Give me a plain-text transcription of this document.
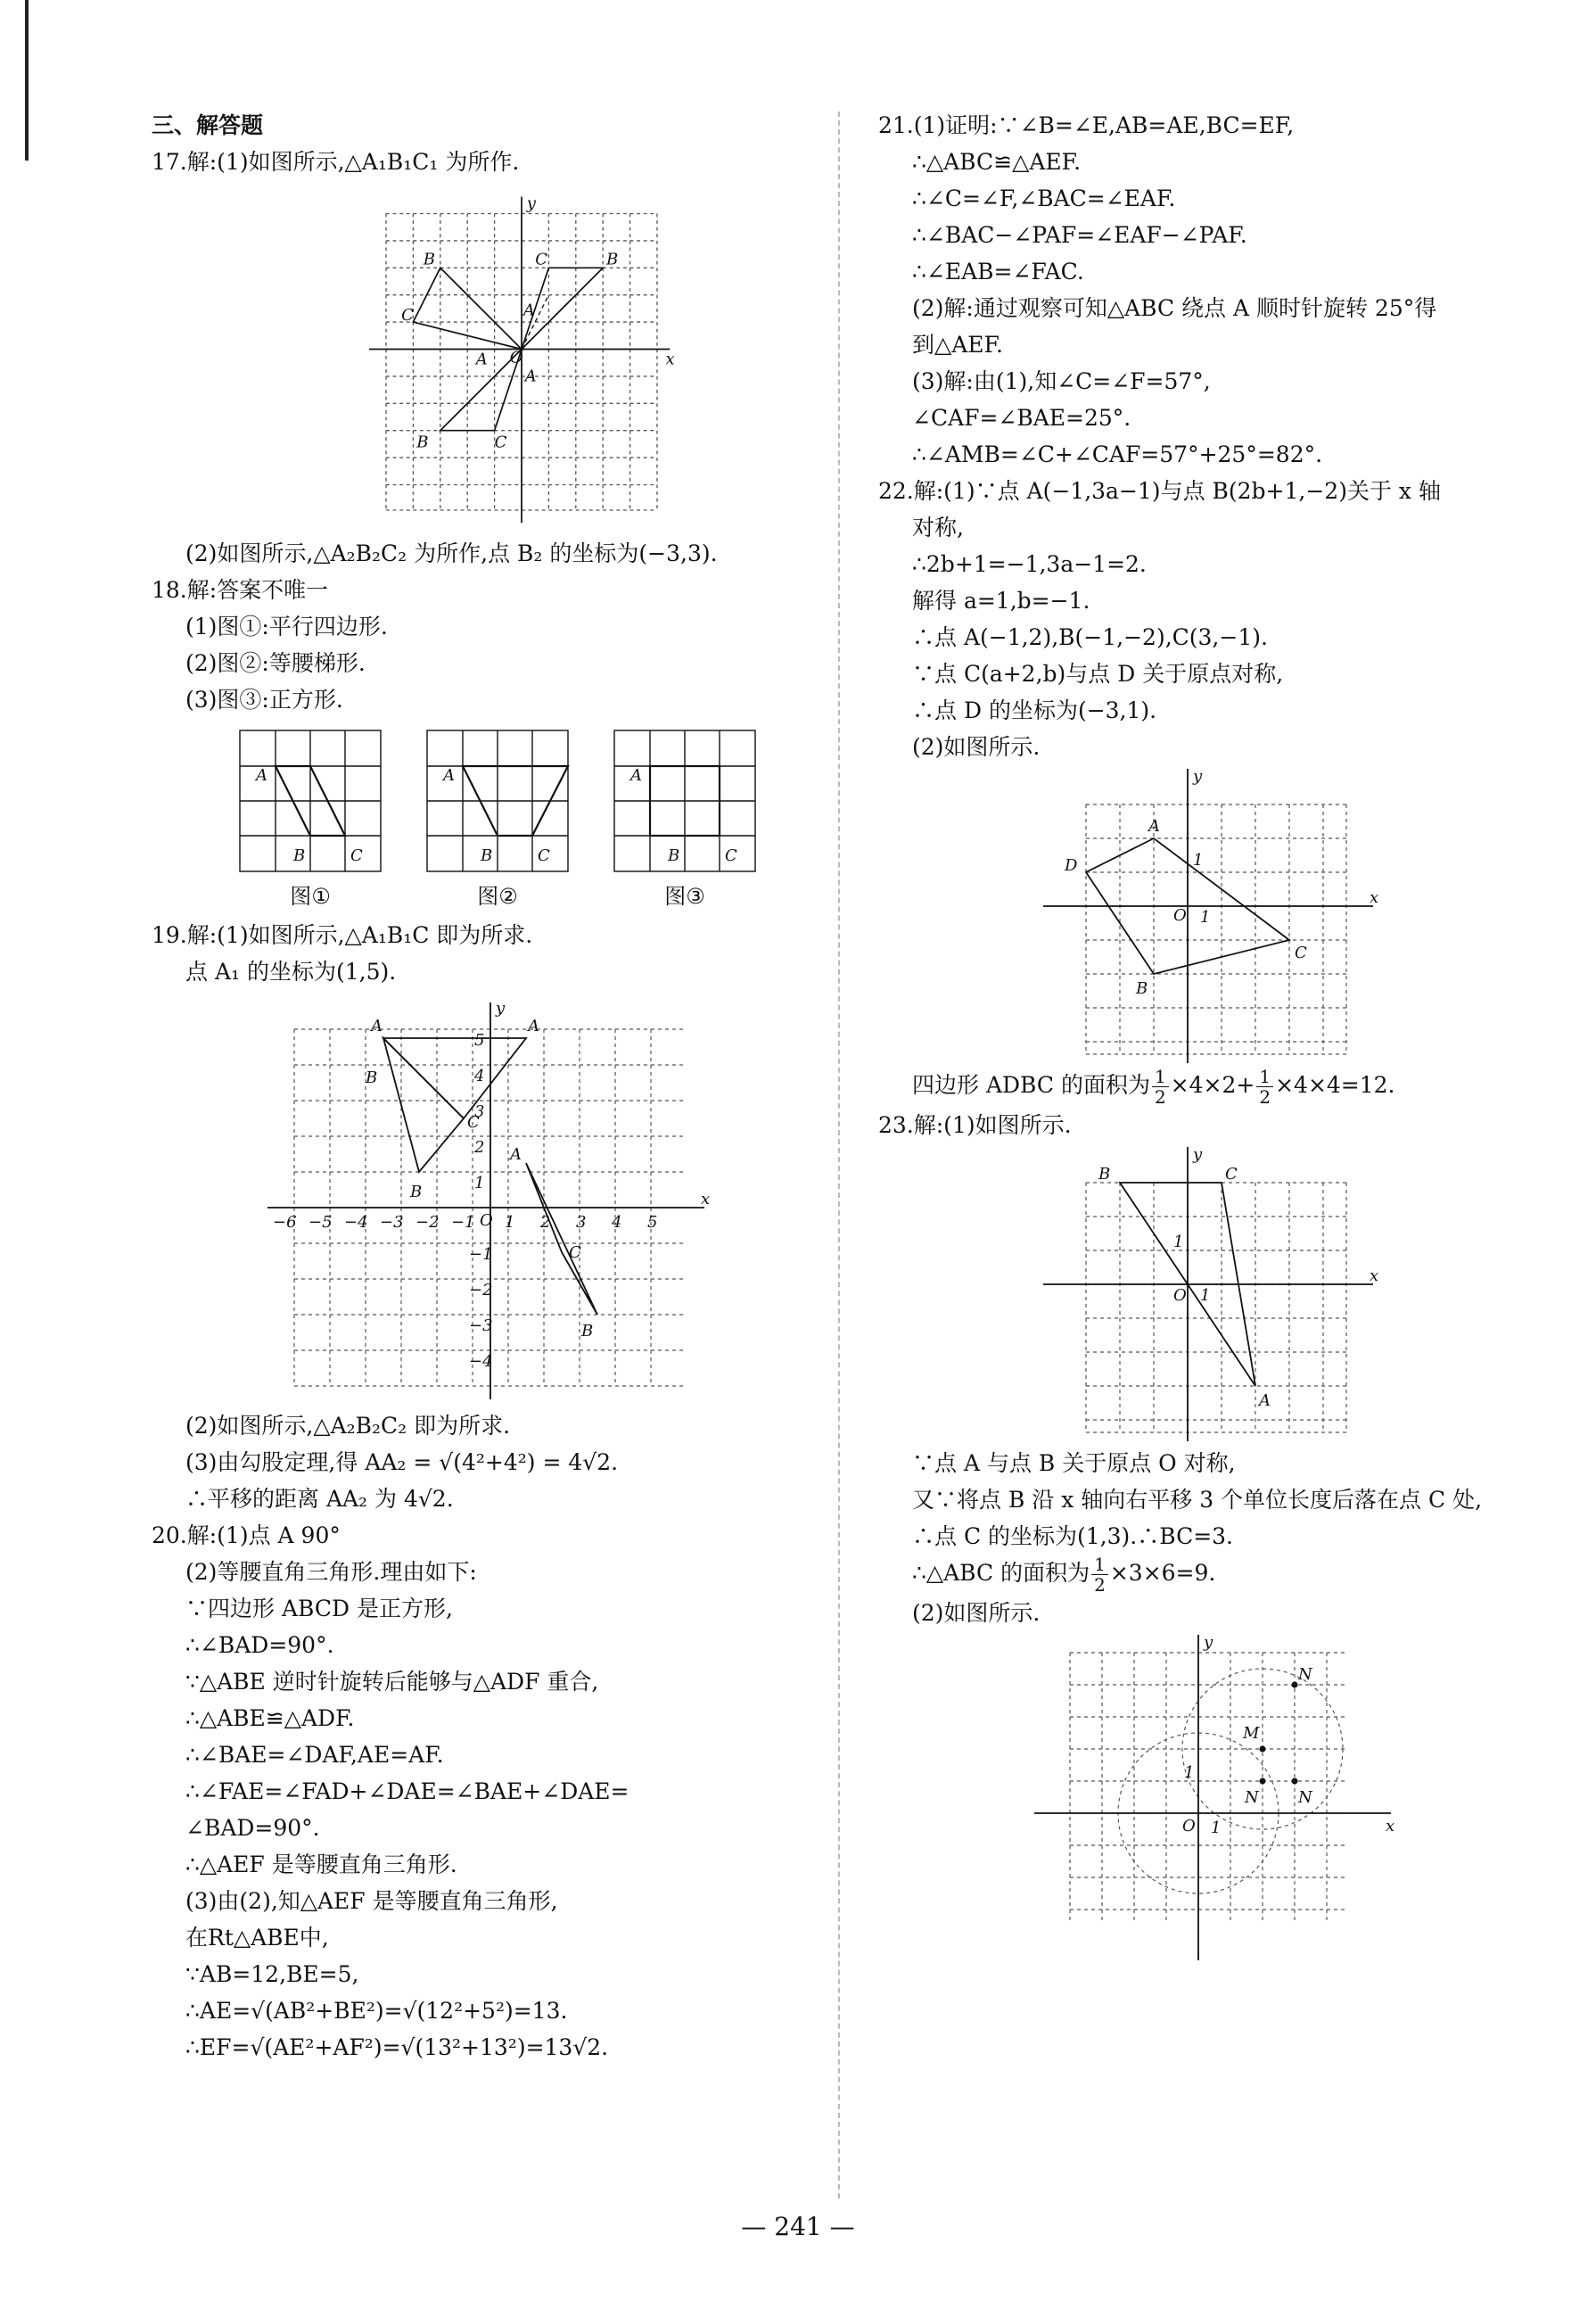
三、解答题
17.解:(1)如图所示,△A₁B₁C₁ 为所作.
y
x
O
B
C
A
B
C
A
A
B	C
(2)如图所示,△A₂B₂C₂ 为所作,点 B₂ 的坐标为(−3,3).
18.解:答案不唯一
(1)图①:平行四边形.
(2)图②:等腰梯形.
(3)图③:正方形.
A
B	C
图①
A
B	C
图②
A
B	C
图③
19.解:(1)如图所示,△A₁B₁C 即为所求.
点 A₁ 的坐标为(1,5).
y
x
O
A	A
B
C
B
A
C
B
−6 −5 −4 −3 −2 −1 1 2 3 4 5
5
4
3
2
1
−1
−2
−3
−4
(2)如图所示,△A₂B₂C₂ 即为所求.
(3)由勾股定理,得 AA₂ = √(4²+4²) = 4√2.
∴平移的距离 AA₂ 为 4√2.
20.解:(1)点 A 90°
(2)等腰直角三角形.理由如下:
∵四边形 ABCD 是正方形,
∴∠BAD=90°.
∵△ABE 逆时针旋转后能够与△ADF 重合,
∴△ABE≌△ADF.
∴∠BAE=∠DAF,AE=AF.
∴∠FAE=∠FAD+∠DAE=∠BAE+∠DAE=
∠BAD=90°.
∴△AEF 是等腰直角三角形.
(3)由(2),知△AEF 是等腰直角三角形,
在Rt△ABE中,
∵AB=12,BE=5,
∴AE=√(AB²+BE²)=√(12²+5²)=13.
∴EF=√(AE²+AF²)=√(13²+13²)=13√2.
21.(1)证明:∵∠B=∠E,AB=AE,BC=EF,
∴△ABC≌△AEF.
∴∠C=∠F,∠BAC=∠EAF.
∴∠BAC−∠PAF=∠EAF−∠PAF.
∴∠EAB=∠FAC.
(2)解:通过观察可知△ABC 绕点 A 顺时针旋转 25°得
到△AEF.
(3)解:由(1),知∠C=∠F=57°,
∠CAF=∠BAE=25°.
∴∠AMB=∠C+∠CAF=57°+25°=82°.
22.解:(1)∵点 A(−1,3a−1)与点 B(2b+1,−2)关于 x 轴
对称,
∴2b+1=−1,3a−1=2.
解得 a=1,b=−1.
∴点 A(−1,2),B(−1,−2),C(3,−1).
∵点 C(a+2,b)与点 D 关于原点对称,
∴点 D 的坐标为(−3,1).
(2)如图所示.
y
x
O
1
1
A
D
B
C
四边形 ADBC 的面积为 $\frac{1}{2} \times 4\times 2+ \frac{1}{2} \times 4\times 4=12$.
23.解:(1)如图所示.
y
x
O
1
1
B	C
A
∵点 A 与点 B 关于原点 O 对称,
又∵将点 B 沿 x 轴向右平移 3 个单位长度后落在点 C 处,
∴点 C 的坐标为(1,3).∴BC=3.
∴△ABC 的面积为 $\frac{1}{2} \times 3\times 6=9$.
(2)如图所示.
y
x
O
1
1
M
N
N N
— 241 —
